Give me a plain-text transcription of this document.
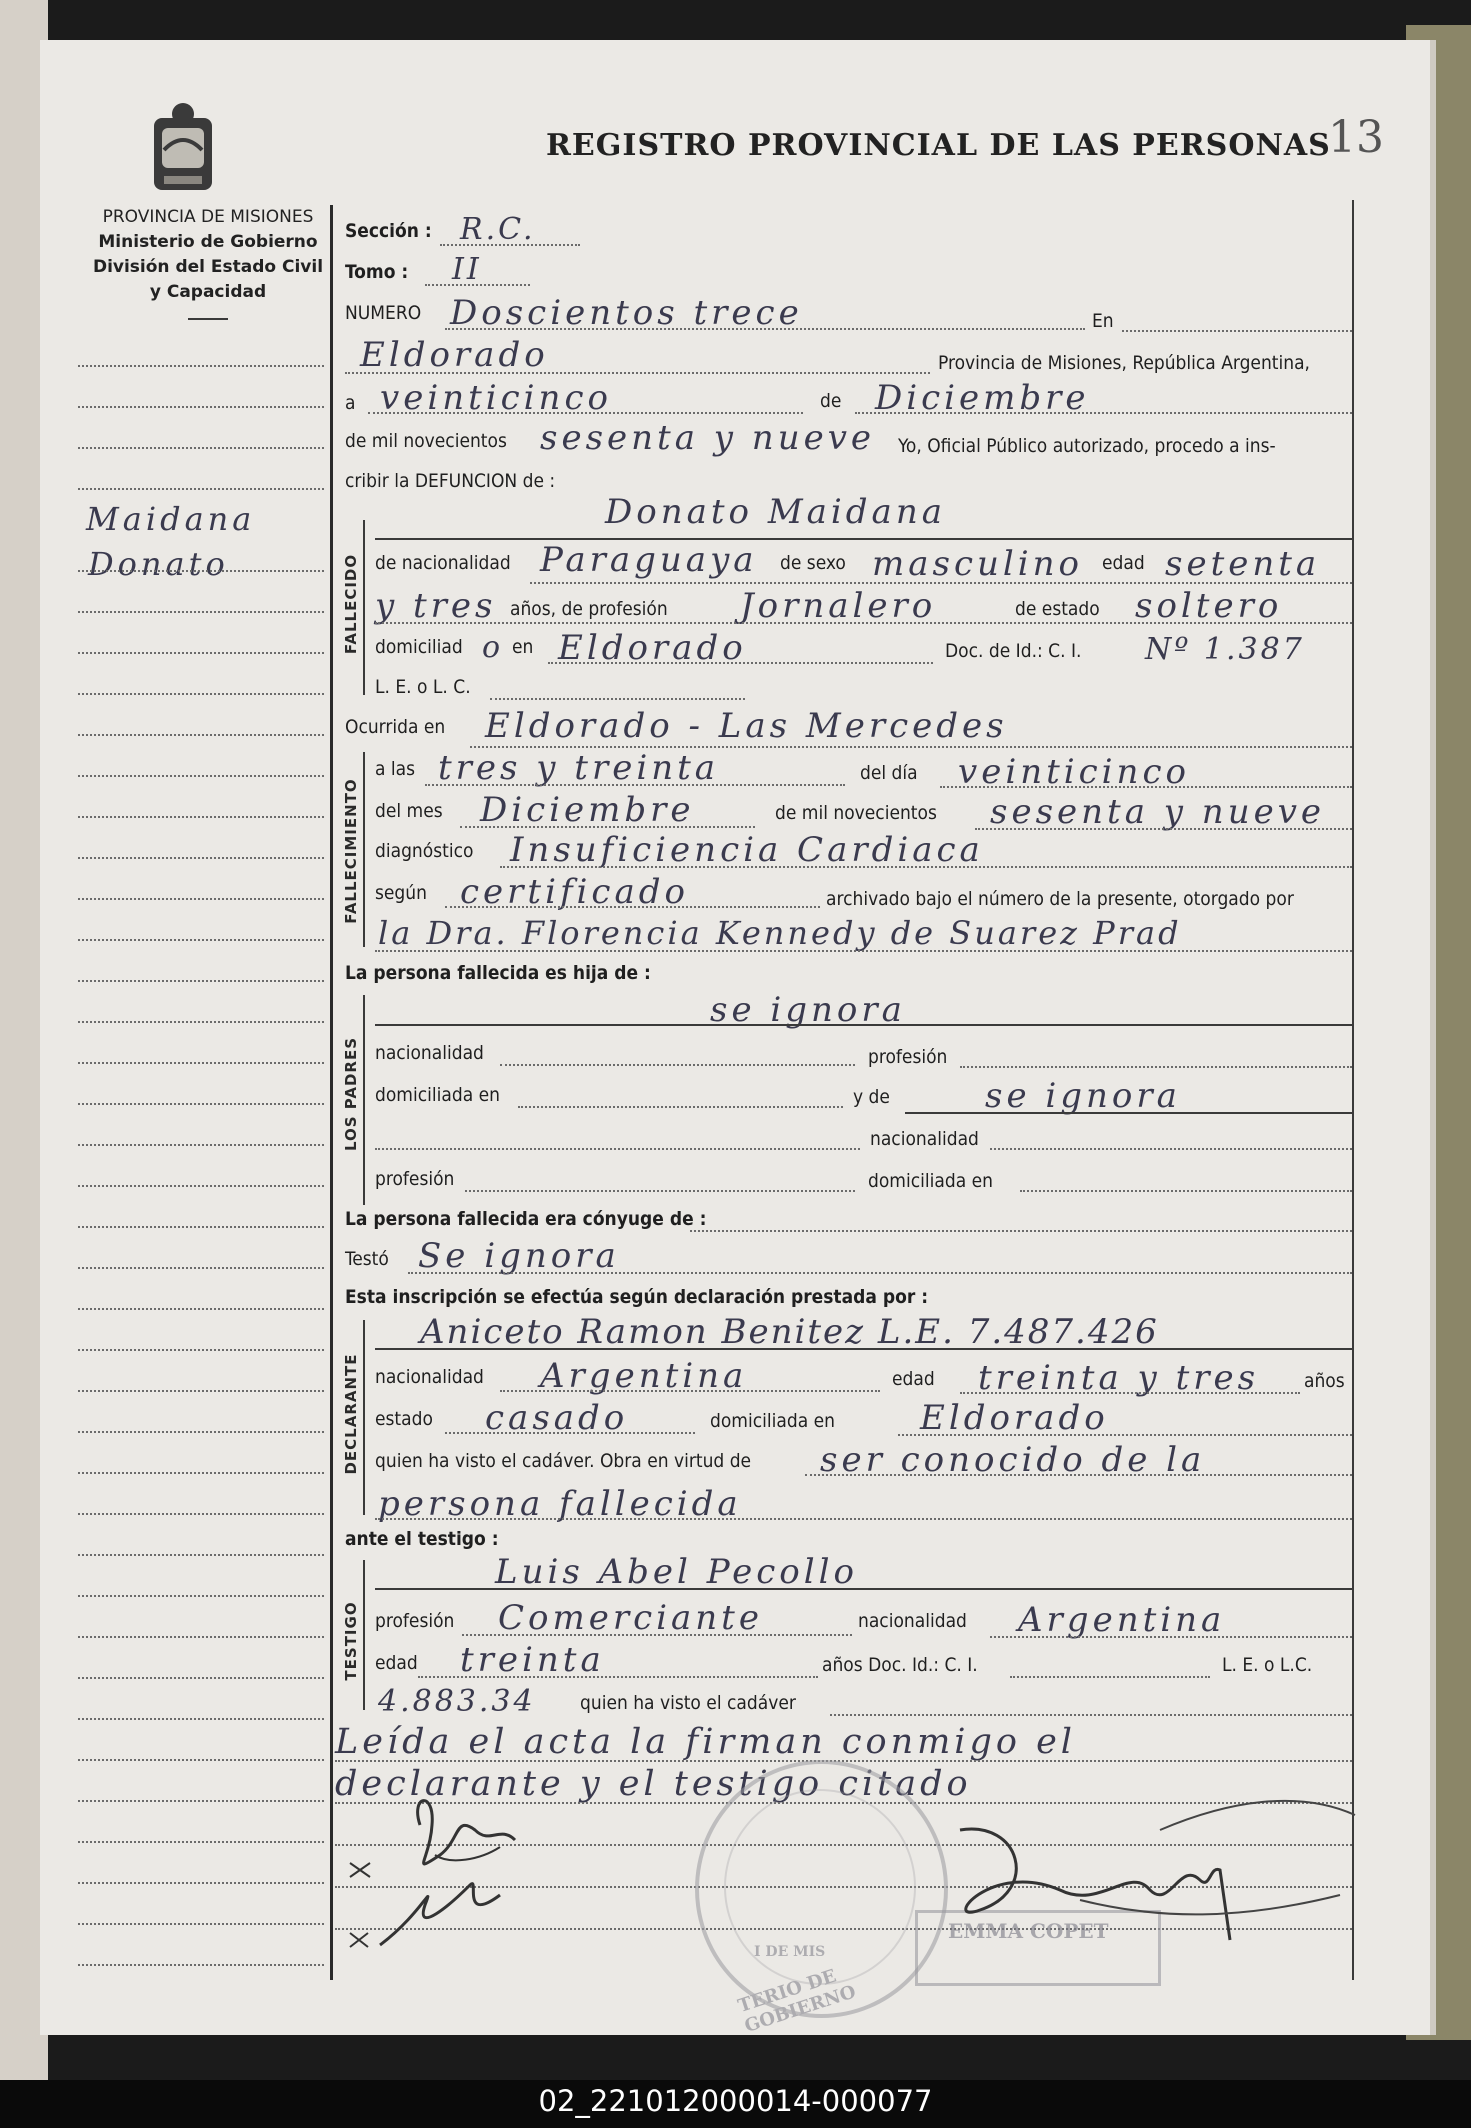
PROVINCIA DE MISIONES
Ministerio de Gobierno
División del Estado Civil
y Capacidad
Maidana
Donato
REGISTRO PROVINCIAL DE LAS PERSONAS
13
Sección : R.C.
Tomo : II
NUMERO Doscientos trece	En
Eldorado	Provincia de Misiones, República Argentina,
a veinticinco	de Diciembre
de mil novecientos sesenta y nueve Yo, Oficial Público autorizado, procedo a ins-
cribir la DEFUNCION de :
FALLECIDO
Donato Maidana
de nacionalidad Paraguaya de sexo masculino edad setenta
y tres años, de profesión Jornalero	de estado soltero
domiciliad o en Eldorado	Doc. de Id.: C. I. Nº 1.387
L. E. o L. C.
Ocurrida en Eldorado - Las Mercedes
FALLECIMIENTO
a las tres y treinta	del día veinticinco
del mes Diciembre	de mil novecientos sesenta y nueve
diagnóstico Insuficiencia Cardiaca
según certificado	archivado bajo el número de la presente, otorgado por
la Dra. Florencia Kennedy de Suarez Prad
La persona fallecida es hija de :
LOS PADRES
se ignora
nacionalidad	profesión
domiciliada en	y de	se ignora
nacionalidad
profesión	domiciliada en
La persona fallecida era cónyuge de :
Testó Se ignora
Esta inscripción se efectúa según declaración prestada por :
DECLARANTE
Aniceto Ramon Benitez L.E. 7.487.426
nacionalidad Argentina	edad treinta y tres años
estado casado	domiciliada en	Eldorado
quien ha visto el cadáver. Obra en virtud de ser conocido de la
persona fallecida
ante el testigo :
TESTIGO
Luis Abel Pecollo
profesión Comerciante	nacionalidad Argentina
edad treinta	años Doc. Id.: C. I.	L. E. o L.C.
4.883.34 quien ha visto el cadáver
Leída el acta la firman conmigo el
declarante y el testigo citado
TERIO DE GOBIERNO
I DE MIS
EMMA COPET
02_221012000014-000077
